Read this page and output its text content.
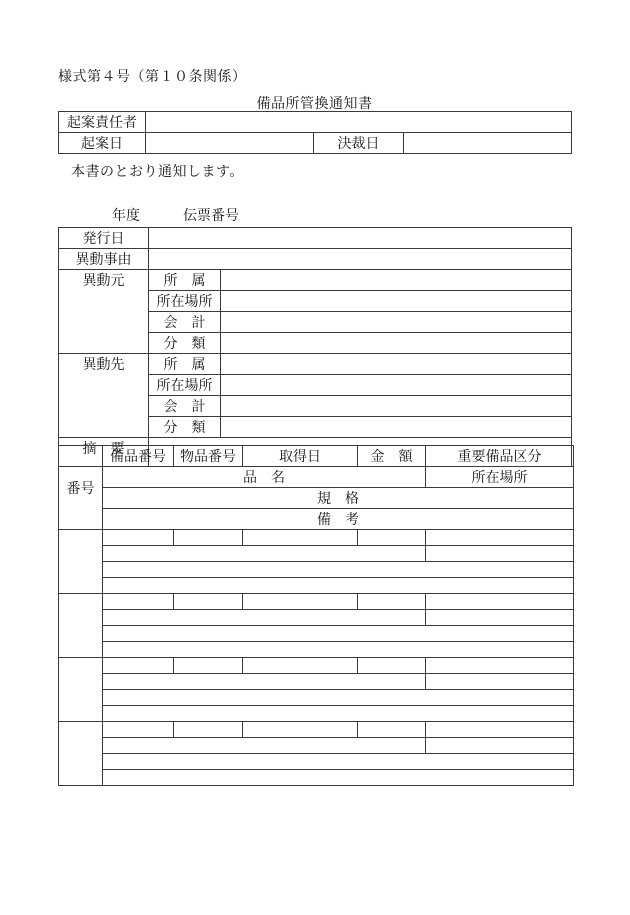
様式第４号（第１０条関係）
備品所管換通知書
起案責任者			
起案日		決裁日	
本書のとおり通知します。
年度	伝票番号
発行日		
異動事由		
異動元	所　属	
	所在場所	
	会　計	
	分　類	
異動先	所　属	
	所在場所	
	会　計	
	分　類	
摘　要		
番号	備品番号	物品番号	取得日	金　額	重要備品区分
	品　名				所在場所
	規　格				
	備　考				
